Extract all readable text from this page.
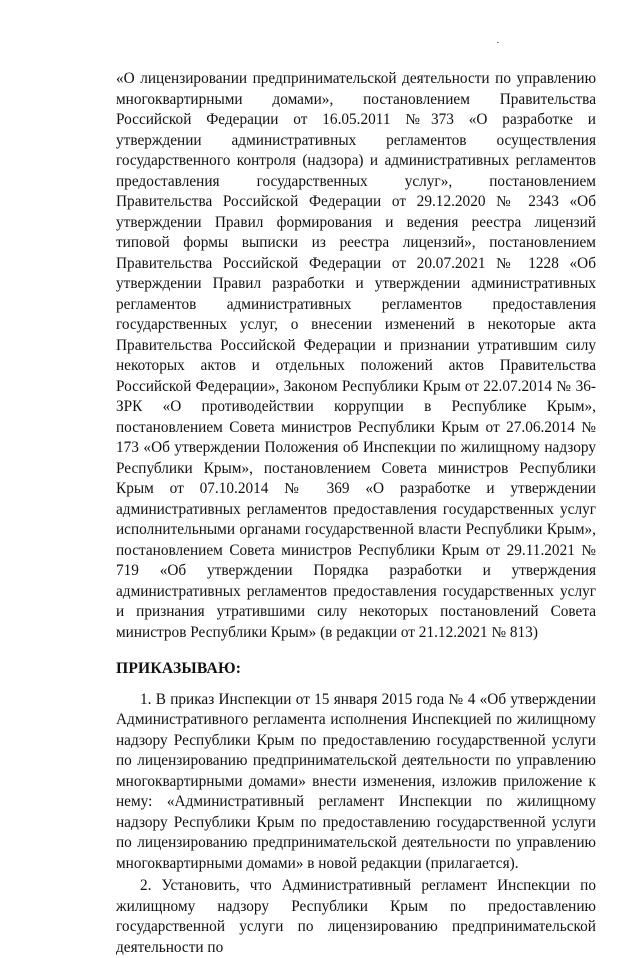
·

«О лицензировании предпринимательской деятельности по управлению многоквартирными домами», постановлением Правительства Российской Федерации от 16.05.2011 №373 «О разработке и утверждении административных регламентов осуществления государственного контроля (надзора) и административных регламентов предоставления государственных услуг», постановлением Правительства Российской Федерации от 29.12.2020 № 2343 «Об утверждении Правил формирования и ведения реестра лицензий типовой формы выписки из реестра лицензий», постановлением Правительства Российской Федерации от 20.07.2021 № 1228 «Об утверждении Правил разработки и утверждении административных регламентов административных регламентов предоставления государственных услуг, о внесении изменений в некоторые акта Правительства Российской Федерации и признании утратившим силу некоторых актов и отдельных положений актов Правительства Российской Федерации», Законом Республики Крым от 22.07.2014 № 36-ЗРК «О противодействии коррупции в Республике Крым», постановлением Совета министров Республики Крым от 27.06.2014 № 173 «Об утверждении Положения об Инспекции по жилищному надзору Республики Крым», постановлением Совета министров Республики Крым от 07.10.2014 № 369 «О разработке и утверждении административных регламентов предоставления государственных услуг исполнительными органами государственной власти Республики Крым», постановлением Совета министров Республики Крым от 29.11.2021 № 719 «Об утверждении Порядка разработки и утверждения административных регламентов предоставления государственных услуг и признания утратившими силу некоторых постановлений Совета министров Республики Крым» (в редакции от 21.12.2021 № 813)

ПРИКАЗЫВАЮ:

1. В приказ Инспекции от 15 января 2015 года № 4 «Об утверждении Административного регламента исполнения Инспекцией по жилищному надзору Республики Крым по предоставлению государственной услуги по лицензированию предпринимательской деятельности по управлению многоквартирными домами» внести изменения, изложив приложение к нему: «Административный регламент Инспекции по жилищному надзору Республики Крым по предоставлению государственной услуги по лицензированию предпринимательской деятельности по управлению многоквартирными домами» в новой редакции (прилагается).

2. Установить, что Административный регламент Инспекции по жилищному надзору Республики Крым по предоставлению государственной услуги по лицензированию предпринимательской деятельности по
